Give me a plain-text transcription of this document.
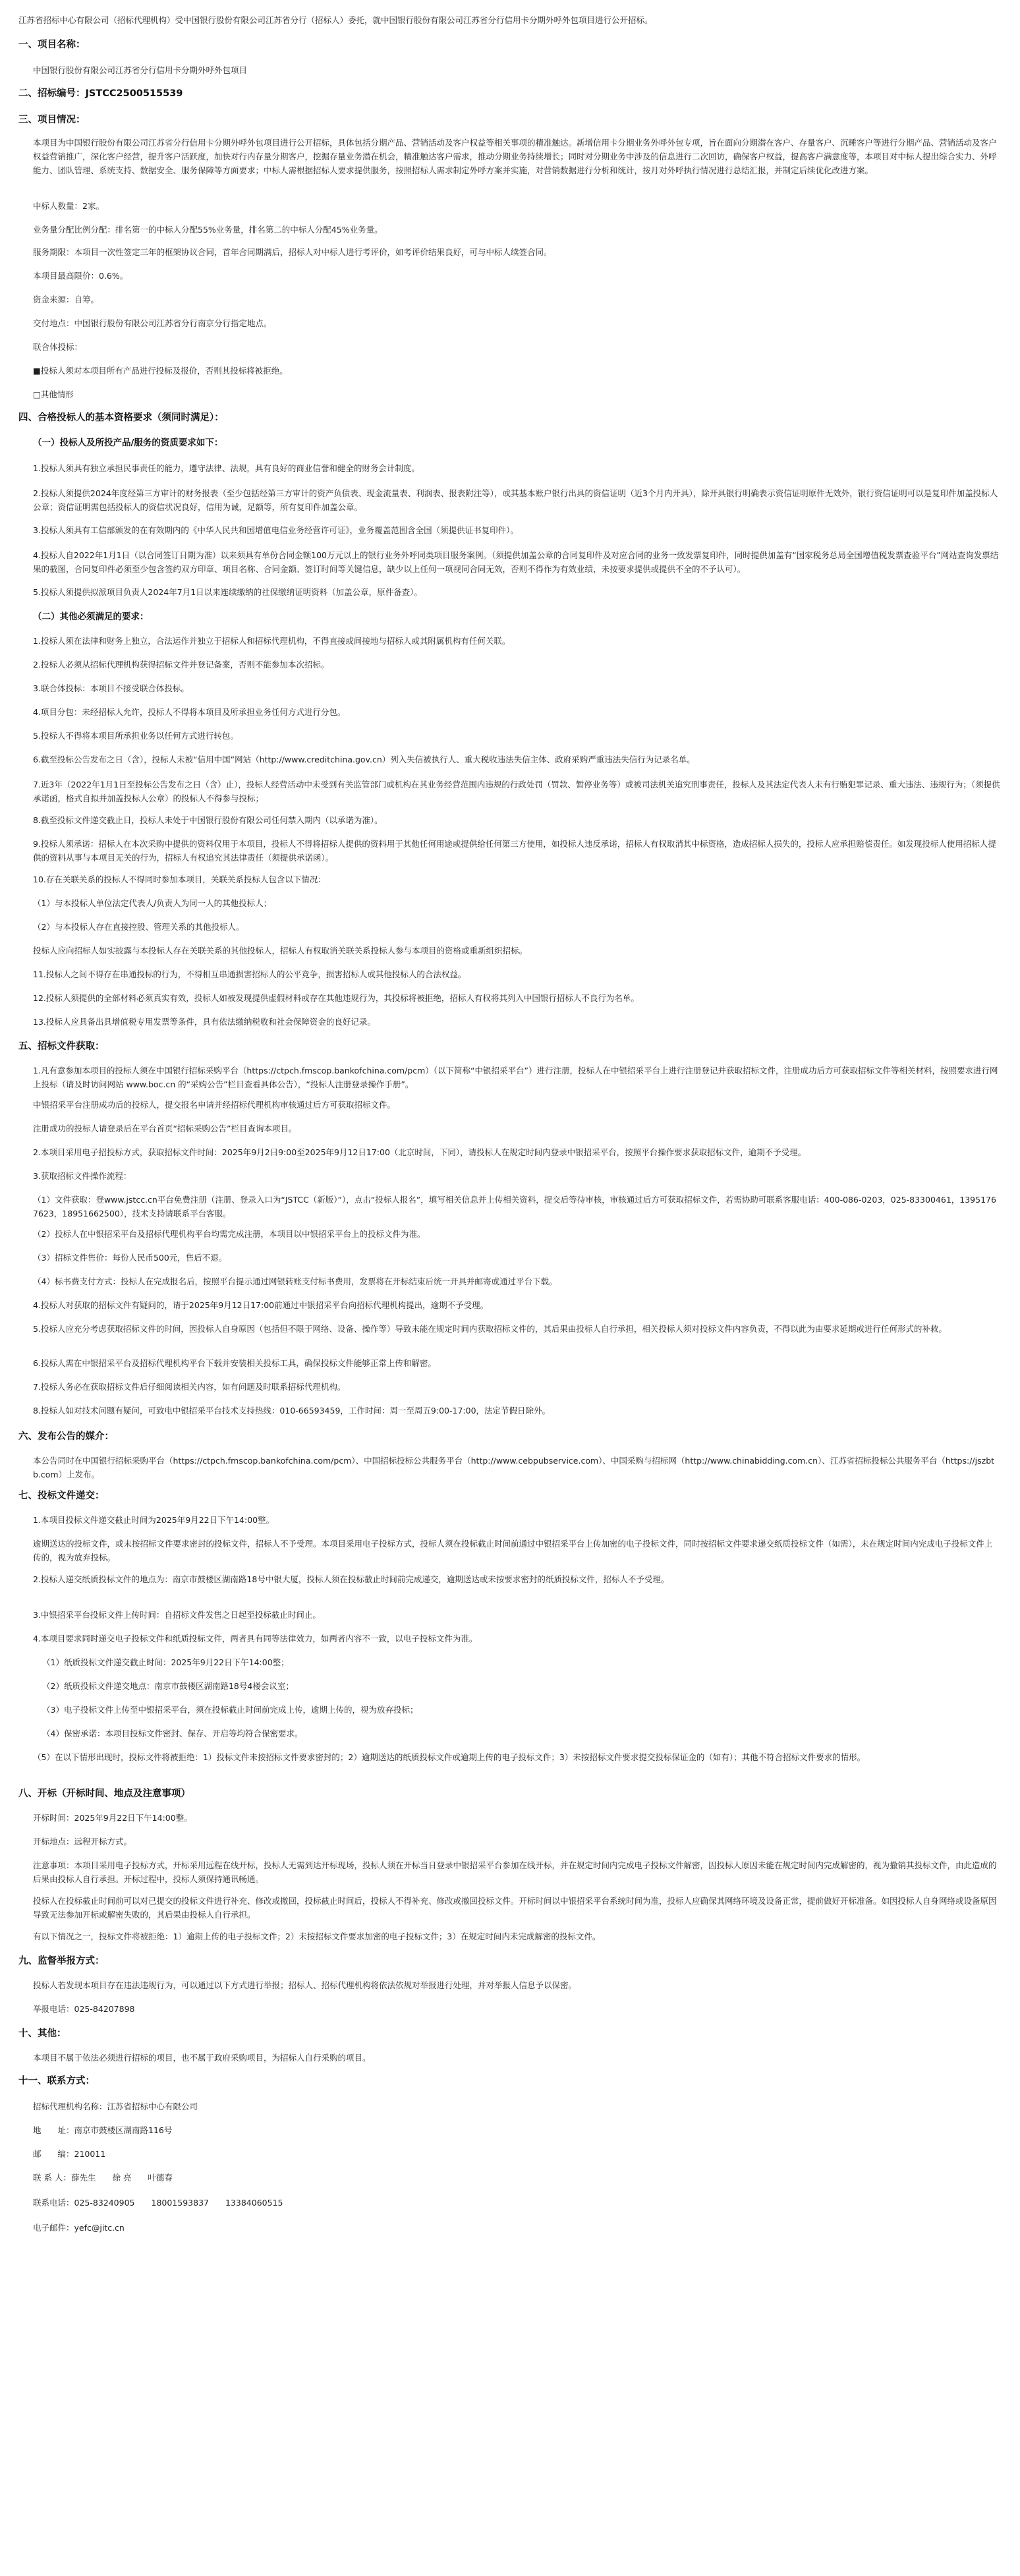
江苏省招标中心有限公司（招标代理机构）受中国银行股份有限公司江苏省分行（招标人）委托，就中国银行股份有限公司江苏省分行信用卡分期外呼外包项目进行公开招标。
一、项目名称：
中国银行股份有限公司江苏省分行信用卡分期外呼外包项目
二、招标编号：JSTCC2500515539
三、项目情况：
本项目为中国银行股份有限公司江苏省分行信用卡分期外呼外包项目进行公开招标，具体包括分期产品、营销活动及客户权益等相关事项的精准触达。新增信用卡分期业务外呼外包专项，旨在面向分期潜在客户、存量客户、沉睡客户等进行分期产品、营销活动及客户权益营销推广，深化客户经营，提升客户活跃度，加快对行内存量分期客户，挖掘存量业务潜在机会，精准触达客户需求，推动分期业务持续增长；同时对分期业务中涉及的信息进行二次回访，确保客户权益，提高客户满意度等，本项目对中标人提出综合实力、外呼能力、团队管理、系统支持、数据安全、服务保障等方面要求；中标人需根据招标人要求提供服务，按照招标人需求制定外呼方案并实施，对营销数据进行分析和统计，按月对外呼执行情况进行总结汇报，并制定后续优化改进方案。
中标人数量：2家。
业务量分配比例分配：排名第一的中标人分配55%业务量，排名第二的中标人分配45%业务量。
服务期限：本项目一次性签定三年的框架协议合同，首年合同期满后，招标人对中标人进行考评价，如考评价结果良好，可与中标人续签合同。
本项目最高限价：0.6%。
资金来源：自筹。
交付地点：中国银行股份有限公司江苏省分行南京分行指定地点。
联合体投标：
■投标人须对本项目所有产品进行投标及报价，否则其投标将被拒绝。
□其他情形
四、合格投标人的基本资格要求（须同时满足）：
（一）投标人及所投产品/服务的资质要求如下：
1.投标人须具有独立承担民事责任的能力，遵守法律、法规，具有良好的商业信誉和健全的财务会计制度。
2.投标人须提供2024年度经第三方审计的财务报表（至少包括经第三方审计的资产负债表、现金流量表、利润表、报表附注等），或其基本账户银行出具的资信证明（近3个月内开具），除开具银行明确表示资信证明原件无效外，银行资信证明可以是复印件加盖投标人公章；资信证明需包括投标人的资信状况良好，信用为诚，足额等，所有复印件加盖公章。
3.投标人须具有工信部颁发的在有效期内的《中华人民共和国增值电信业务经营许可证》，业务覆盖范围含全国（须提供证书复印件）。
4.投标人自2022年1月1日（以合同签订日期为准）以来须具有单份合同金额100万元以上的银行业务外呼同类项目服务案例。（须提供加盖公章的合同复印件及对应合同的业务一致发票复印件，同时提供加盖有“国家税务总局全国增值税发票查验平台”网站查询发票结果的截图，合同复印件必须至少包含签约双方印章、项目名称、合同金额、签订时间等关键信息，缺少以上任何一项视同合同无效，否则不得作为有效业绩，未按要求提供或提供不全的不予认可）。
5.投标人须提供拟派项目负责人2024年7月1日以来连续缴纳的社保缴纳证明资料（加盖公章，原件备查）。
（二）其他必须满足的要求：
1.投标人须在法律和财务上独立，合法运作并独立于招标人和招标代理机构，不得直接或间接地与招标人或其附属机构有任何关联。
2.投标人必须从招标代理机构获得招标文件并登记备案，否则不能参加本次招标。
3.联合体投标：本项目不接受联合体投标。
4.项目分包：未经招标人允许，投标人不得将本项目及所承担业务任何方式进行分包。
5.投标人不得将本项目所承担业务以任何方式进行转包。
6.截至投标公告发布之日（含），投标人未被“信用中国”网站（http://www.creditchina.gov.cn）列入失信被执行人、重大税收违法失信主体、政府采购严重违法失信行为记录名单。
7.近3年（2022年1月1日至投标公告发布之日（含）止），投标人经营活动中未受到有关监管部门或机构在其业务经营范围内违规的行政处罚（罚款、暂停业务等）或被司法机关追究刑事责任，投标人及其法定代表人未有行贿犯罪记录、重大违法、违规行为；（须提供承诺函，格式自拟并加盖投标人公章）的投标人不得参与投标；
8.截至投标文件递交截止日，投标人未处于中国银行股份有限公司任何禁入期内（以承诺为准）。
9.投标人须承诺：招标人在本次采购中提供的资料仅用于本项目，投标人不得将招标人提供的资料用于其他任何用途或提供给任何第三方使用，如投标人违反承诺，招标人有权取消其中标资格，造成招标人损失的，投标人应承担赔偿责任。如发现投标人使用招标人提供的资料从事与本项目无关的行为，招标人有权追究其法律责任（须提供承诺函）。
10.存在关联关系的投标人不得同时参加本项目，关联关系投标人包含以下情况：
（1）与本投标人单位法定代表人/负责人为同一人的其他投标人；
（2）与本投标人存在直接控股、管理关系的其他投标人。
投标人应向招标人如实披露与本投标人存在关联关系的其他投标人，招标人有权取消关联关系投标人参与本项目的资格或重新组织招标。
11.投标人之间不得存在串通投标的行为，不得相互串通损害招标人的公平竞争，损害招标人或其他投标人的合法权益。
12.投标人须提供的全部材料必须真实有效，投标人如被发现提供虚假材料或存在其他违规行为，其投标将被拒绝，招标人有权将其列入中国银行招标人不良行为名单。
13.投标人应具备出具增值税专用发票等条件，具有依法缴纳税收和社会保障资金的良好记录。
五、招标文件获取：
1.凡有意参加本项目的投标人须在中国银行招标采购平台（https://ctpch.fmscop.bankofchina.com/pcm）（以下简称“中银招采平台”）进行注册，投标人在中银招采平台上进行注册登记并获取招标文件，注册成功后方可获取招标文件等相关材料，按照要求进行网上投标（请及时访问网站 www.boc.cn 的“采购公告”栏目查看具体公告），“投标人注册登录操作手册”。
中银招采平台注册成功后的投标人，提交报名申请并经招标代理机构审核通过后方可获取招标文件。
注册成功的投标人请登录后在平台首页“招标采购公告”栏目查询本项目。
2.本项目采用电子招投标方式，获取招标文件时间：2025年9月2日9:00至2025年9月12日17:00（北京时间，下同），请投标人在规定时间内登录中银招采平台，按照平台操作要求获取招标文件，逾期不予受理。
3.获取招标文件操作流程：
（1）文件获取：登www.jstcc.cn平台免费注册（注册、登录入口为“JSTCC（新版）”），点击“投标人报名”，填写相关信息并上传相关资料，提交后等待审核，审核通过后方可获取招标文件，若需协助可联系客服电话：400-086-0203，025-83300461，13951767623，18951662500），技术支持请联系平台客服。
（2）投标人在中银招采平台及招标代理机构平台均需完成注册，本项目以中银招采平台上的投标文件为准。
（3）招标文件售价：每份人民币500元，售后不退。
（4）标书费支付方式：投标人在完成报名后，按照平台提示通过网银转账支付标书费用，发票将在开标结束后统一开具并邮寄或通过平台下载。
4.投标人对获取的招标文件有疑问的，请于2025年9月12日17:00前通过中银招采平台向招标代理机构提出，逾期不予受理。
5.投标人应充分考虑获取招标文件的时间，因投标人自身原因（包括但不限于网络、设备、操作等）导致未能在规定时间内获取招标文件的，其后果由投标人自行承担，相关投标人须对投标文件内容负责，不得以此为由要求延期或进行任何形式的补救。
6.投标人需在中银招采平台及招标代理机构平台下载并安装相关投标工具，确保投标文件能够正常上传和解密。
7.投标人务必在获取招标文件后仔细阅读相关内容，如有问题及时联系招标代理机构。
8.投标人如对技术问题有疑问，可致电中银招采平台技术支持热线：010-66593459，工作时间：周一至周五9:00-17:00，法定节假日除外。
六、发布公告的媒介：
本公告同时在中国银行招标采购平台（https://ctpch.fmscop.bankofchina.com/pcm）、中国招标投标公共服务平台（http://www.cebpubservice.com）、中国采购与招标网（http://www.chinabidding.com.cn）、江苏省招标投标公共服务平台（https://jszbtb.com）上发布。
七、投标文件递交：
1.本项目投标文件递交截止时间为2025年9月22日下午14:00整。
逾期送达的投标文件，或未按招标文件要求密封的投标文件，招标人不予受理。本项目采用电子投标方式，投标人须在投标截止时间前通过中银招采平台上传加密的电子投标文件，同时按招标文件要求递交纸质投标文件（如需），未在规定时间内完成电子投标文件上传的，视为放弃投标。
2.投标人递交纸质投标文件的地点为：南京市鼓楼区湖南路18号中银大厦，投标人须在投标截止时间前完成递交，逾期送达或未按要求密封的纸质投标文件，招标人不予受理。
3.中银招采平台投标文件上传时间：自招标文件发售之日起至投标截止时间止。
4.本项目要求同时递交电子投标文件和纸质投标文件，两者具有同等法律效力，如两者内容不一致，以电子投标文件为准。
（1）纸质投标文件递交截止时间：2025年9月22日下午14:00整；
（2）纸质投标文件递交地点：南京市鼓楼区湖南路18号4楼会议室；
（3）电子投标文件上传至中银招采平台，须在投标截止时间前完成上传，逾期上传的，视为放弃投标；
（4）保密承诺：本项目投标文件密封、保存、开启等均符合保密要求。
（5）在以下情形出现时，投标文件将被拒绝：1）投标文件未按招标文件要求密封的；2）逾期送达的纸质投标文件或逾期上传的电子投标文件；3）未按招标文件要求提交投标保证金的（如有）；其他不符合招标文件要求的情形。
八、开标（开标时间、地点及注意事项）
开标时间：2025年9月22日下午14:00整。
开标地点：远程开标方式。
注意事项：本项目采用电子投标方式，开标采用远程在线开标，投标人无需到达开标现场，投标人须在开标当日登录中银招采平台参加在线开标，并在规定时间内完成电子投标文件解密，因投标人原因未能在规定时间内完成解密的，视为撤销其投标文件，由此造成的后果由投标人自行承担。开标过程中，投标人须保持通讯畅通。
投标人在投标截止时间前可以对已提交的投标文件进行补充、修改或撤回，投标截止时间后，投标人不得补充、修改或撤回投标文件。开标时间以中银招采平台系统时间为准，投标人应确保其网络环境及设备正常，提前做好开标准备。如因投标人自身网络或设备原因导致无法参加开标或解密失败的，其后果由投标人自行承担。
有以下情况之一，投标文件将被拒绝：1）逾期上传的电子投标文件；2）未按招标文件要求加密的电子投标文件；3）在规定时间内未完成解密的投标文件。
九、监督举报方式：
投标人若发现本项目存在违法违规行为，可以通过以下方式进行举报；招标人、招标代理机构将依法依规对举报进行处理，并对举报人信息予以保密。
举报电话：025-84207898
十、其他：
本项目不属于依法必须进行招标的项目，也不属于政府采购项目，为招标人自行采购的项目。
十一、联系方式：
招标代理机构名称：江苏省招标中心有限公司
地　　址：南京市鼓楼区湖南路116号
邮　　编：210011
联 系 人：薛先生　　徐 亮　　叶德春
联系电话：025-83240905　　18001593837　　13384060515
电子邮件：yefc@jitc.cn
